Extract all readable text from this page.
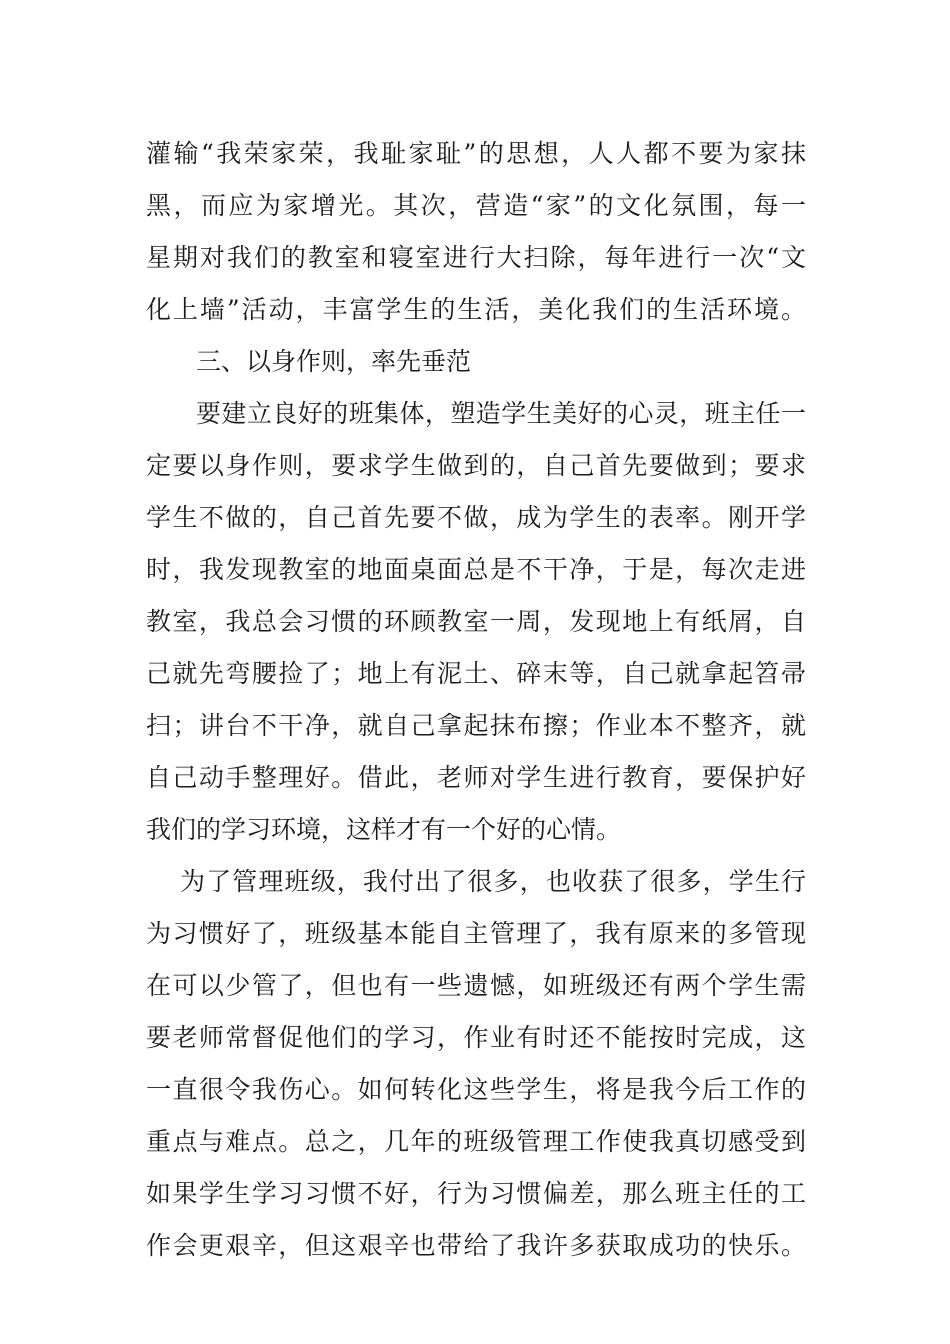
灌输“我荣家荣，我耻家耻”的思想，人人都不要为家抹
黑，而应为家增光。其次，营造“家”的文化氛围，每一
星期对我们的教室和寝室进行大扫除，每年进行一次“文
化上墙”活动，丰富学生的生活，美化我们的生活环境。
三、以身作则，率先垂范
要建立良好的班集体，塑造学生美好的心灵，班主任一
定要以身作则，要求学生做到的，自己首先要做到；要求
学生不做的，自己首先要不做，成为学生的表率。刚开学
时，我发现教室的地面桌面总是不干净，于是，每次走进
教室，我总会习惯的环顾教室一周，发现地上有纸屑，自
己就先弯腰捡了；地上有泥土、碎末等，自己就拿起笤帚
扫；讲台不干净，就自己拿起抹布擦；作业本不整齐，就
自己动手整理好。借此，老师对学生进行教育，要保护好
我们的学习环境，这样才有一个好的心情。
为了管理班级，我付出了很多，也收获了很多，学生行
为习惯好了，班级基本能自主管理了，我有原来的多管现
在可以少管了，但也有一些遗憾，如班级还有两个学生需
要老师常督促他们的学习，作业有时还不能按时完成，这
一直很令我伤心。如何转化这些学生，将是我今后工作的
重点与难点。总之，几年的班级管理工作使我真切感受到
如果学生学习习惯不好，行为习惯偏差，那么班主任的工
作会更艰辛，但这艰辛也带给了我许多获取成功的快乐。
